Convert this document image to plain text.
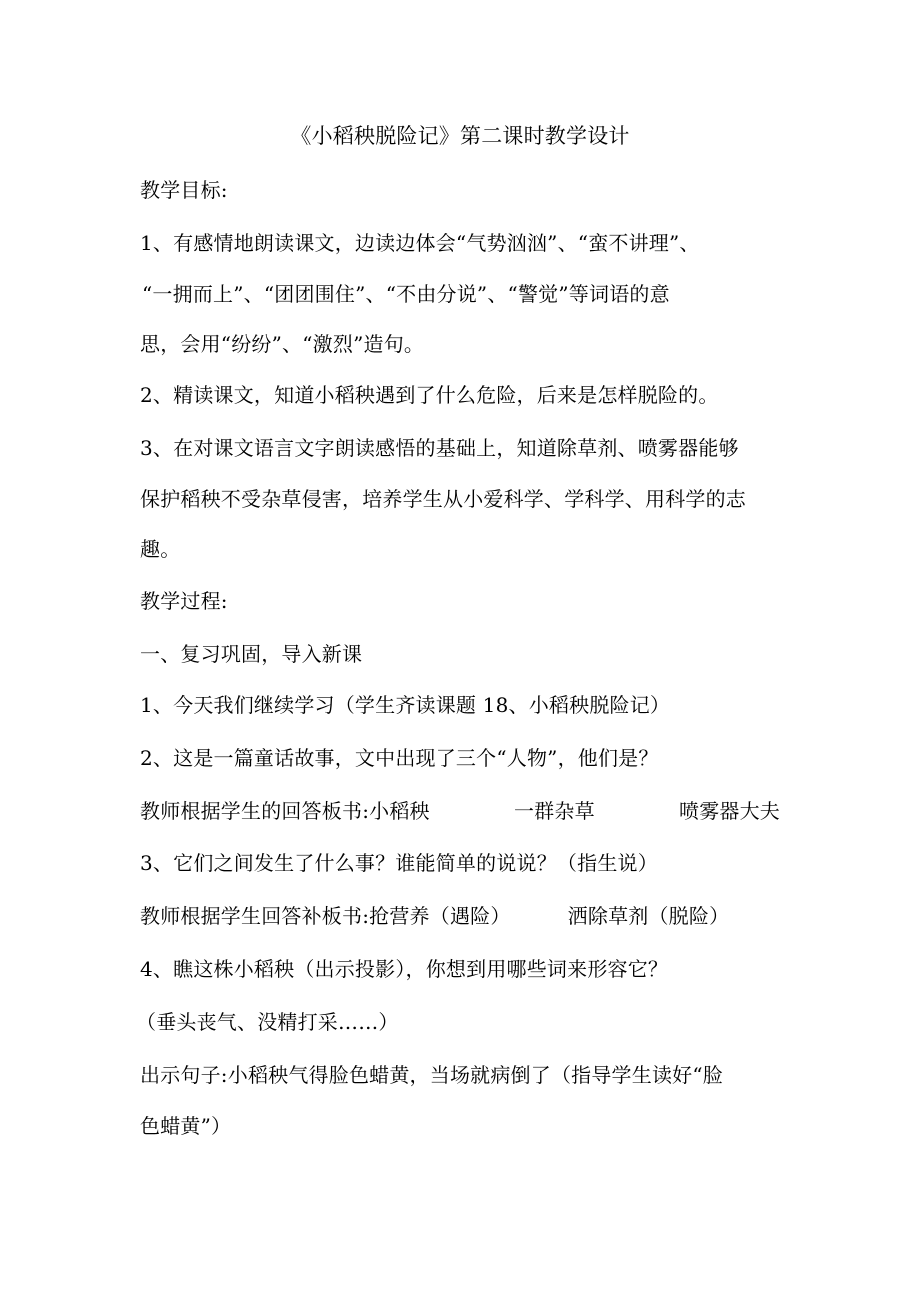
《小稻秧脱险记》第二课时教学设计
教学目标:
1、有感情地朗读课文，边读边体会“气势汹汹”、“蛮不讲理”、
“一拥而上”、“团团围住”、“不由分说”、“警觉”等词语的意
思，会用“纷纷”、“激烈”造句。
2、精读课文，知道小稻秧遇到了什么危险，后来是怎样脱险的。
3、在对课文语言文字朗读感悟的基础上，知道除草剂、喷雾器能够
保护稻秧不受杂草侵害，培养学生从小爱科学、学科学、用科学的志
趣。
教学过程:
一、复习巩固，导入新课
1、今天我们继续学习（学生齐读课题 18、小稻秧脱险记）
2、这是一篇童话故事，文中出现了三个“人物”，他们是？
教师根据学生的回答板书:小稻秧	一群杂草	喷雾器大夫
3、它们之间发生了什么事？谁能简单的说说？（指生说）
教师根据学生回答补板书:抢营养（遇险）	洒除草剂（脱险）
4、瞧这株小稻秧（出示投影），你想到用哪些词来形容它？
（垂头丧气、没精打采……）
出示句子:小稻秧气得脸色蜡黄，当场就病倒了（指导学生读好“脸
色蜡黄”）
